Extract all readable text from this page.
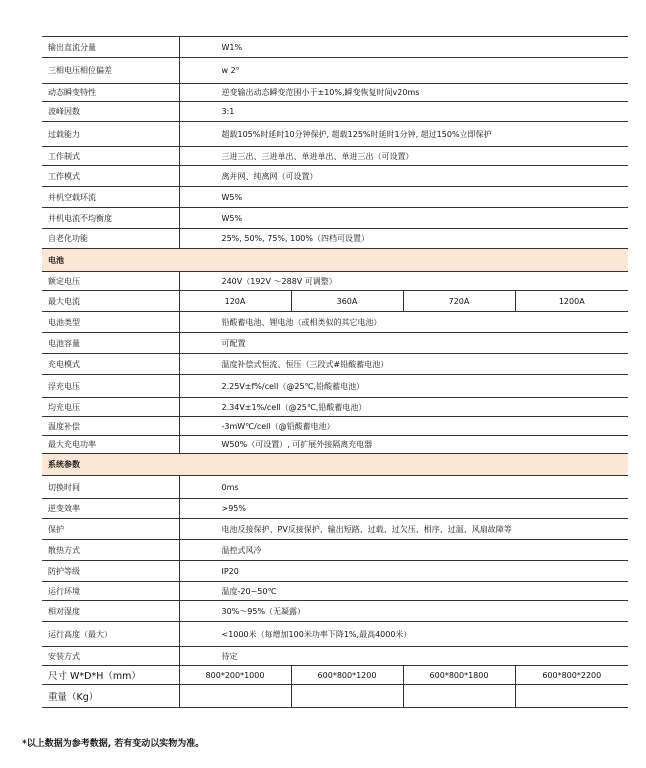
输出直流分量	W1%			
三相电压相位偏差	w 2°			
动态瞬变特性	逆变输出动态瞬变范围小于±10%,瞬变恢复时间v20ms			
波峰因数	3:1			
过载能力	超载105%时延时10分钟保护, 超载125%时延时1分钟, 超过150%立即保护			
工作制式	三进三出、三进单出、单进单出、单进三出（可设置）			
工作模式	离并网、纯离网（可设置）			
并机空载环流	W5%			
并机电流不均衡度	W5%			
自老化功能	25%, 50%, 75%, 100%（四档可设置）			
电池				
额定电压	240V（192V ～288V 可调整）			
最大电流	120A	360A	720A	1200A
电池类型	铅酸蓄电池、锂电池（或相类似的其它电池）			
电池容量	可配置			
充电模式	温度补偿式恒流、恒压（三段式#铅酸蓄电池）			
浮充电压	2.25V±f%/cell（@25℃,铅酸蓄电池）			
均充电压	2.34V±1%/cell（@25℃,铅酸蓄电池）			
温度补偿	-3mW℃/cell（@铅酸蓄电池）			
最大充电功率	W50%（可设置）, 可扩展外接隔离充电器			
系统参数				
切换时间	0ms			
逆变效率	>95%			
保护	电池反接保护、PV反接保护、输出短路、过载、过欠压、相序、过温、风扇故障等			
散热方式	温控式风冷			
防护等级	IP20			
运行环境	温度-20~50℃			
相对湿度	30%～95%（无凝露）			
运行高度（最大）	<1000米（每增加100米功率下降1%,最高4000米）			
安装方式	待定			
尺寸 W*D*H（mm）	800*200*1000	600*800*1200	600*800*1800	600*800*2200
重量（Kg）				
*以上数据为参考数据, 若有变动以实物为准。
